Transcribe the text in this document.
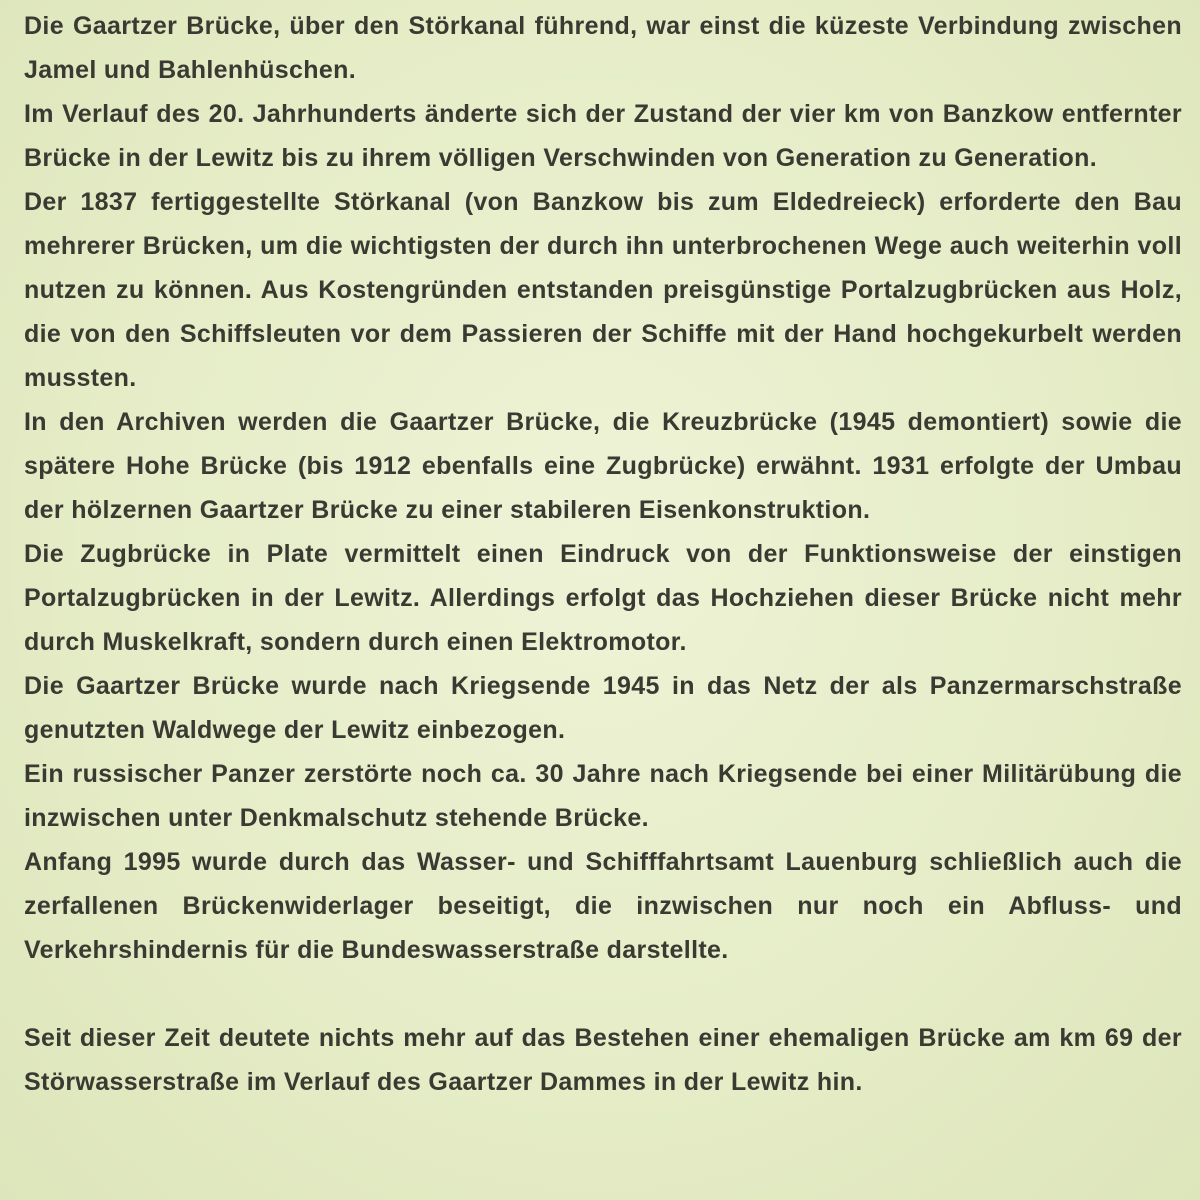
Die Gaartzer Brücke, über den Störkanal führend, war einst die küzeste Verbindung zwischen Jamel und Bahlenhüschen.

Im Verlauf des 20. Jahrhunderts änderte sich der Zustand der vier km von Banzkow entfernter Brücke in der Lewitz bis zu ihrem völligen Verschwinden von Generation zu Generation.

Der 1837 fertiggestellte Störkanal (von Banzkow bis zum Eldedreieck) erforderte den Bau mehrerer Brücken, um die wichtigsten der durch ihn unterbrochenen Wege auch weiterhin voll nutzen zu können. Aus Kostengründen entstanden preisgünstige Portalzugbrücken aus Holz, die von den Schiffsleuten vor dem Passieren der Schiffe mit der Hand hochgekurbelt werden mussten.

In den Archiven werden die Gaartzer Brücke, die Kreuzbrücke (1945 demontiert) sowie die spätere Hohe Brücke (bis 1912 ebenfalls eine Zugbrücke) erwähnt. 1931 erfolgte der Umbau der hölzernen Gaartzer Brücke zu einer stabileren Eisenkonstruktion.

Die Zugbrücke in Plate vermittelt einen Eindruck von der Funktionsweise der einstigen Portalzugbrücken in der Lewitz. Allerdings erfolgt das Hochziehen dieser Brücke nicht mehr durch Muskelkraft, sondern durch einen Elektromotor.

Die Gaartzer Brücke wurde nach Kriegsende 1945 in das Netz der als Panzermarschstraße genutzten Waldwege der Lewitz einbezogen.

Ein russischer Panzer zerstörte noch ca. 30 Jahre nach Kriegsende bei einer Militärübung die inzwischen unter Denkmalschutz stehende Brücke.

Anfang 1995 wurde durch das Wasser- und Schifffahrtsamt Lauenburg schließlich auch die zerfallenen Brückenwiderlager beseitigt, die inzwischen nur noch ein Abfluss- und Verkehrshindernis für die Bundeswasserstraße darstellte.

Seit dieser Zeit deutete nichts mehr auf das Bestehen einer ehemaligen Brücke am km 69 der Störwasserstraße im Verlauf des Gaartzer Dammes in der Lewitz hin.
